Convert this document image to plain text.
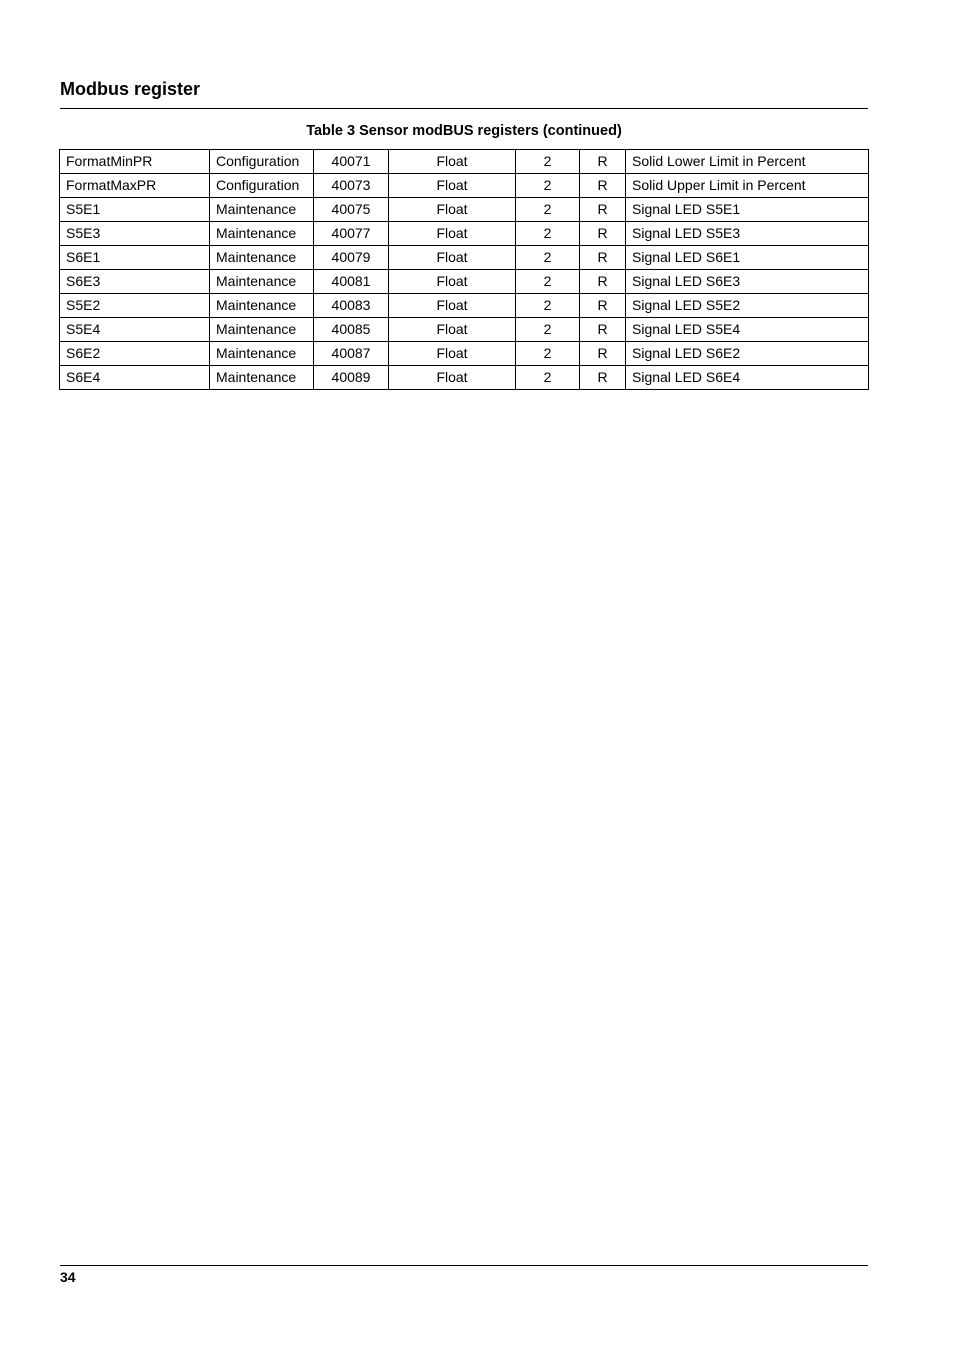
Modbus register
Table 3 Sensor modBUS registers (continued)
FormatMinPR	Configuration	40071	Float	2	R	Solid Lower Limit in Percent
FormatMaxPR	Configuration	40073	Float	2	R	Solid Upper Limit in Percent
S5E1	Maintenance	40075	Float	2	R	Signal LED S5E1
S5E3	Maintenance	40077	Float	2	R	Signal LED S5E3
S6E1	Maintenance	40079	Float	2	R	Signal LED S6E1
S6E3	Maintenance	40081	Float	2	R	Signal LED S6E3
S5E2	Maintenance	40083	Float	2	R	Signal LED S5E2
S5E4	Maintenance	40085	Float	2	R	Signal LED S5E4
S6E2	Maintenance	40087	Float	2	R	Signal LED S6E2
S6E4	Maintenance	40089	Float	2	R	Signal LED S6E4
34
